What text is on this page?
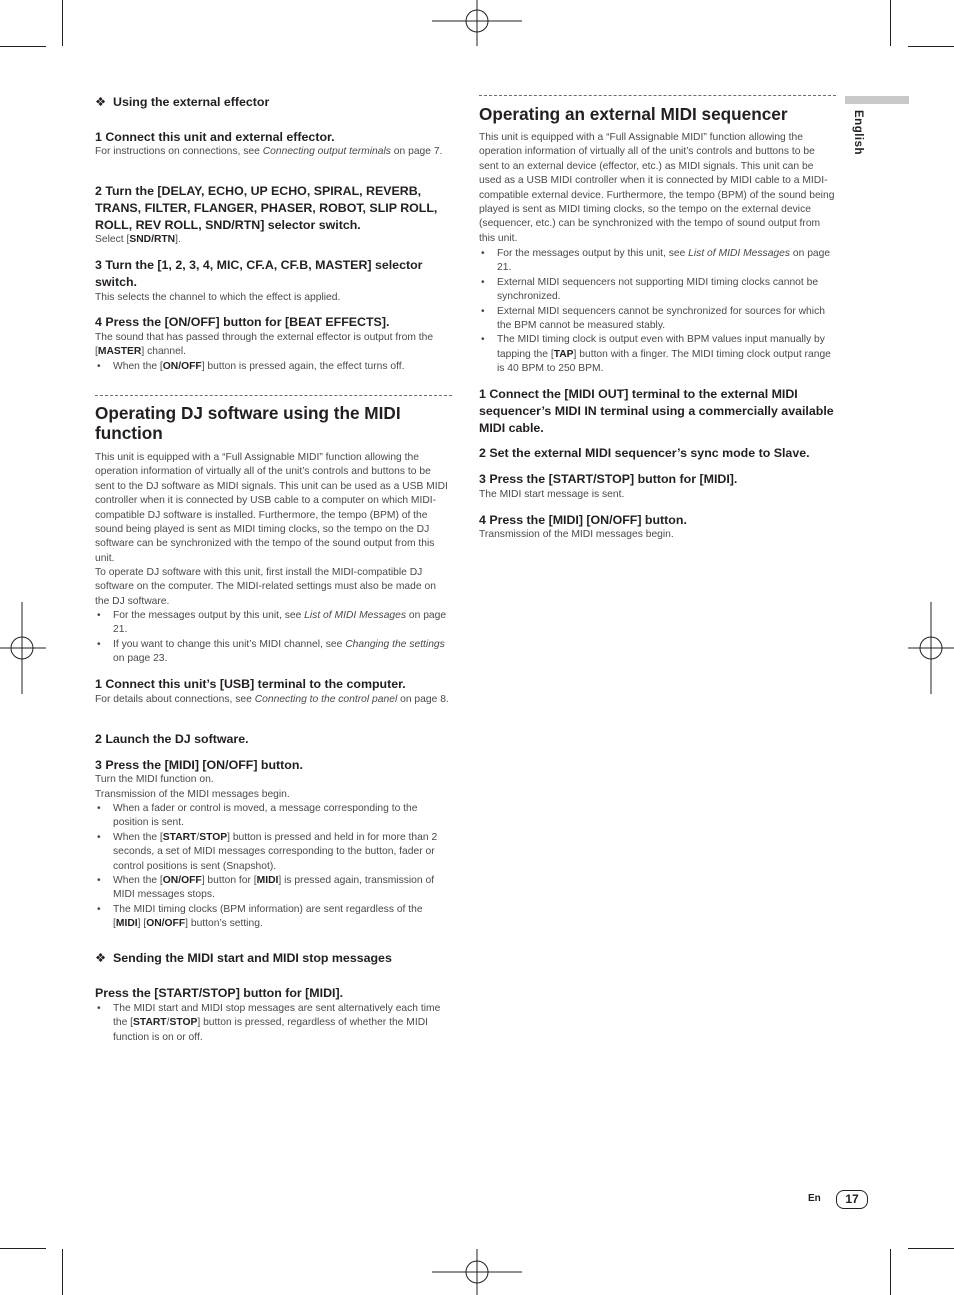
❖ Using the external effector

1 Connect this unit and external effector.

For instructions on connections, see Connecting output terminals on page 7.

2 Turn the [DELAY, ECHO, UP ECHO, SPIRAL, REVERB, TRANS, FILTER, FLANGER, PHASER, ROBOT, SLIP ROLL, ROLL, REV ROLL, SND/RTN] selector switch.

Select [SND/RTN].

3 Turn the [1, 2, 3, 4, MIC, CF.A, CF.B, MASTER] selector switch.

This selects the channel to which the effect is applied.

4 Press the [ON/OFF] button for [BEAT EFFECTS].

The sound that has passed through the external effector is output from the [MASTER] channel.

• When the [ON/OFF] button is pressed again, the effect turns off.
Operating DJ software using the MIDI function

This unit is equipped with a “Full Assignable MIDI” function allowing the operation information of virtually all of the unit’s controls and buttons to be sent to the DJ software as MIDI signals. This unit can be used as a USB MIDI controller when it is connected by USB cable to a computer on which MIDI-compatible DJ software is installed. Furthermore, the tempo (BPM) of the sound being played is sent as MIDI timing clocks, so the tempo on the DJ software can be synchronized with the tempo of the sound output from this unit.

To operate DJ software with this unit, first install the MIDI-compatible DJ software on the computer. The MIDI-related settings must also be made on the DJ software.

• For the messages output by this unit, see List of MIDI Messages on page 21.
• If you want to change this unit’s MIDI channel, see Changing the settings on page 23.

1 Connect this unit’s [USB] terminal to the computer.

For details about connections, see Connecting to the control panel on page 8.

2 Launch the DJ software.

3 Press the [MIDI] [ON/OFF] button.

Turn the MIDI function on.

Transmission of the MIDI messages begin.

• When a fader or control is moved, a message corresponding to the position is sent.
• When the [START/STOP] button is pressed and held in for more than 2 seconds, a set of MIDI messages corresponding to the button, fader or control positions is sent (Snapshot).
• When the [ON/OFF] button for [MIDI] is pressed again, transmission of MIDI messages stops.
• The MIDI timing clocks (BPM information) are sent regardless of the [MIDI] [ON/OFF] button’s setting.

❖ Sending the MIDI start and MIDI stop messages

Press the [START/STOP] button for [MIDI].

• The MIDI start and MIDI stop messages are sent alternatively each time the [START/STOP] button is pressed, regardless of whether the MIDI function is on or off.
Operating an external MIDI sequencer

This unit is equipped with a “Full Assignable MIDI” function allowing the operation information of virtually all of the unit’s controls and buttons to be sent to an external device (effector, etc.) as MIDI signals. This unit can be used as a USB MIDI controller when it is connected by MIDI cable to a MIDI-compatible external device. Furthermore, the tempo (BPM) of the sound being played is sent as MIDI timing clocks, so the tempo on the external device (sequencer, etc.) can be synchronized with the tempo of sound output from this unit.

• For the messages output by this unit, see List of MIDI Messages on page 21.
• External MIDI sequencers not supporting MIDI timing clocks cannot be synchronized.
• External MIDI sequencers cannot be synchronized for sources for which the BPM cannot be measured stably.
• The MIDI timing clock is output even with BPM values input manually by tapping the [TAP] button with a finger. The MIDI timing clock output range is 40 BPM to 250 BPM.

1 Connect the [MIDI OUT] terminal to the external MIDI sequencer’s MIDI IN terminal using a commercially available MIDI cable.

2 Set the external MIDI sequencer’s sync mode to Slave.

3 Press the [START/STOP] button for [MIDI].

The MIDI start message is sent.

4 Press the [MIDI] [ON/OFF] button.

Transmission of the MIDI messages begin.

English
En	17
